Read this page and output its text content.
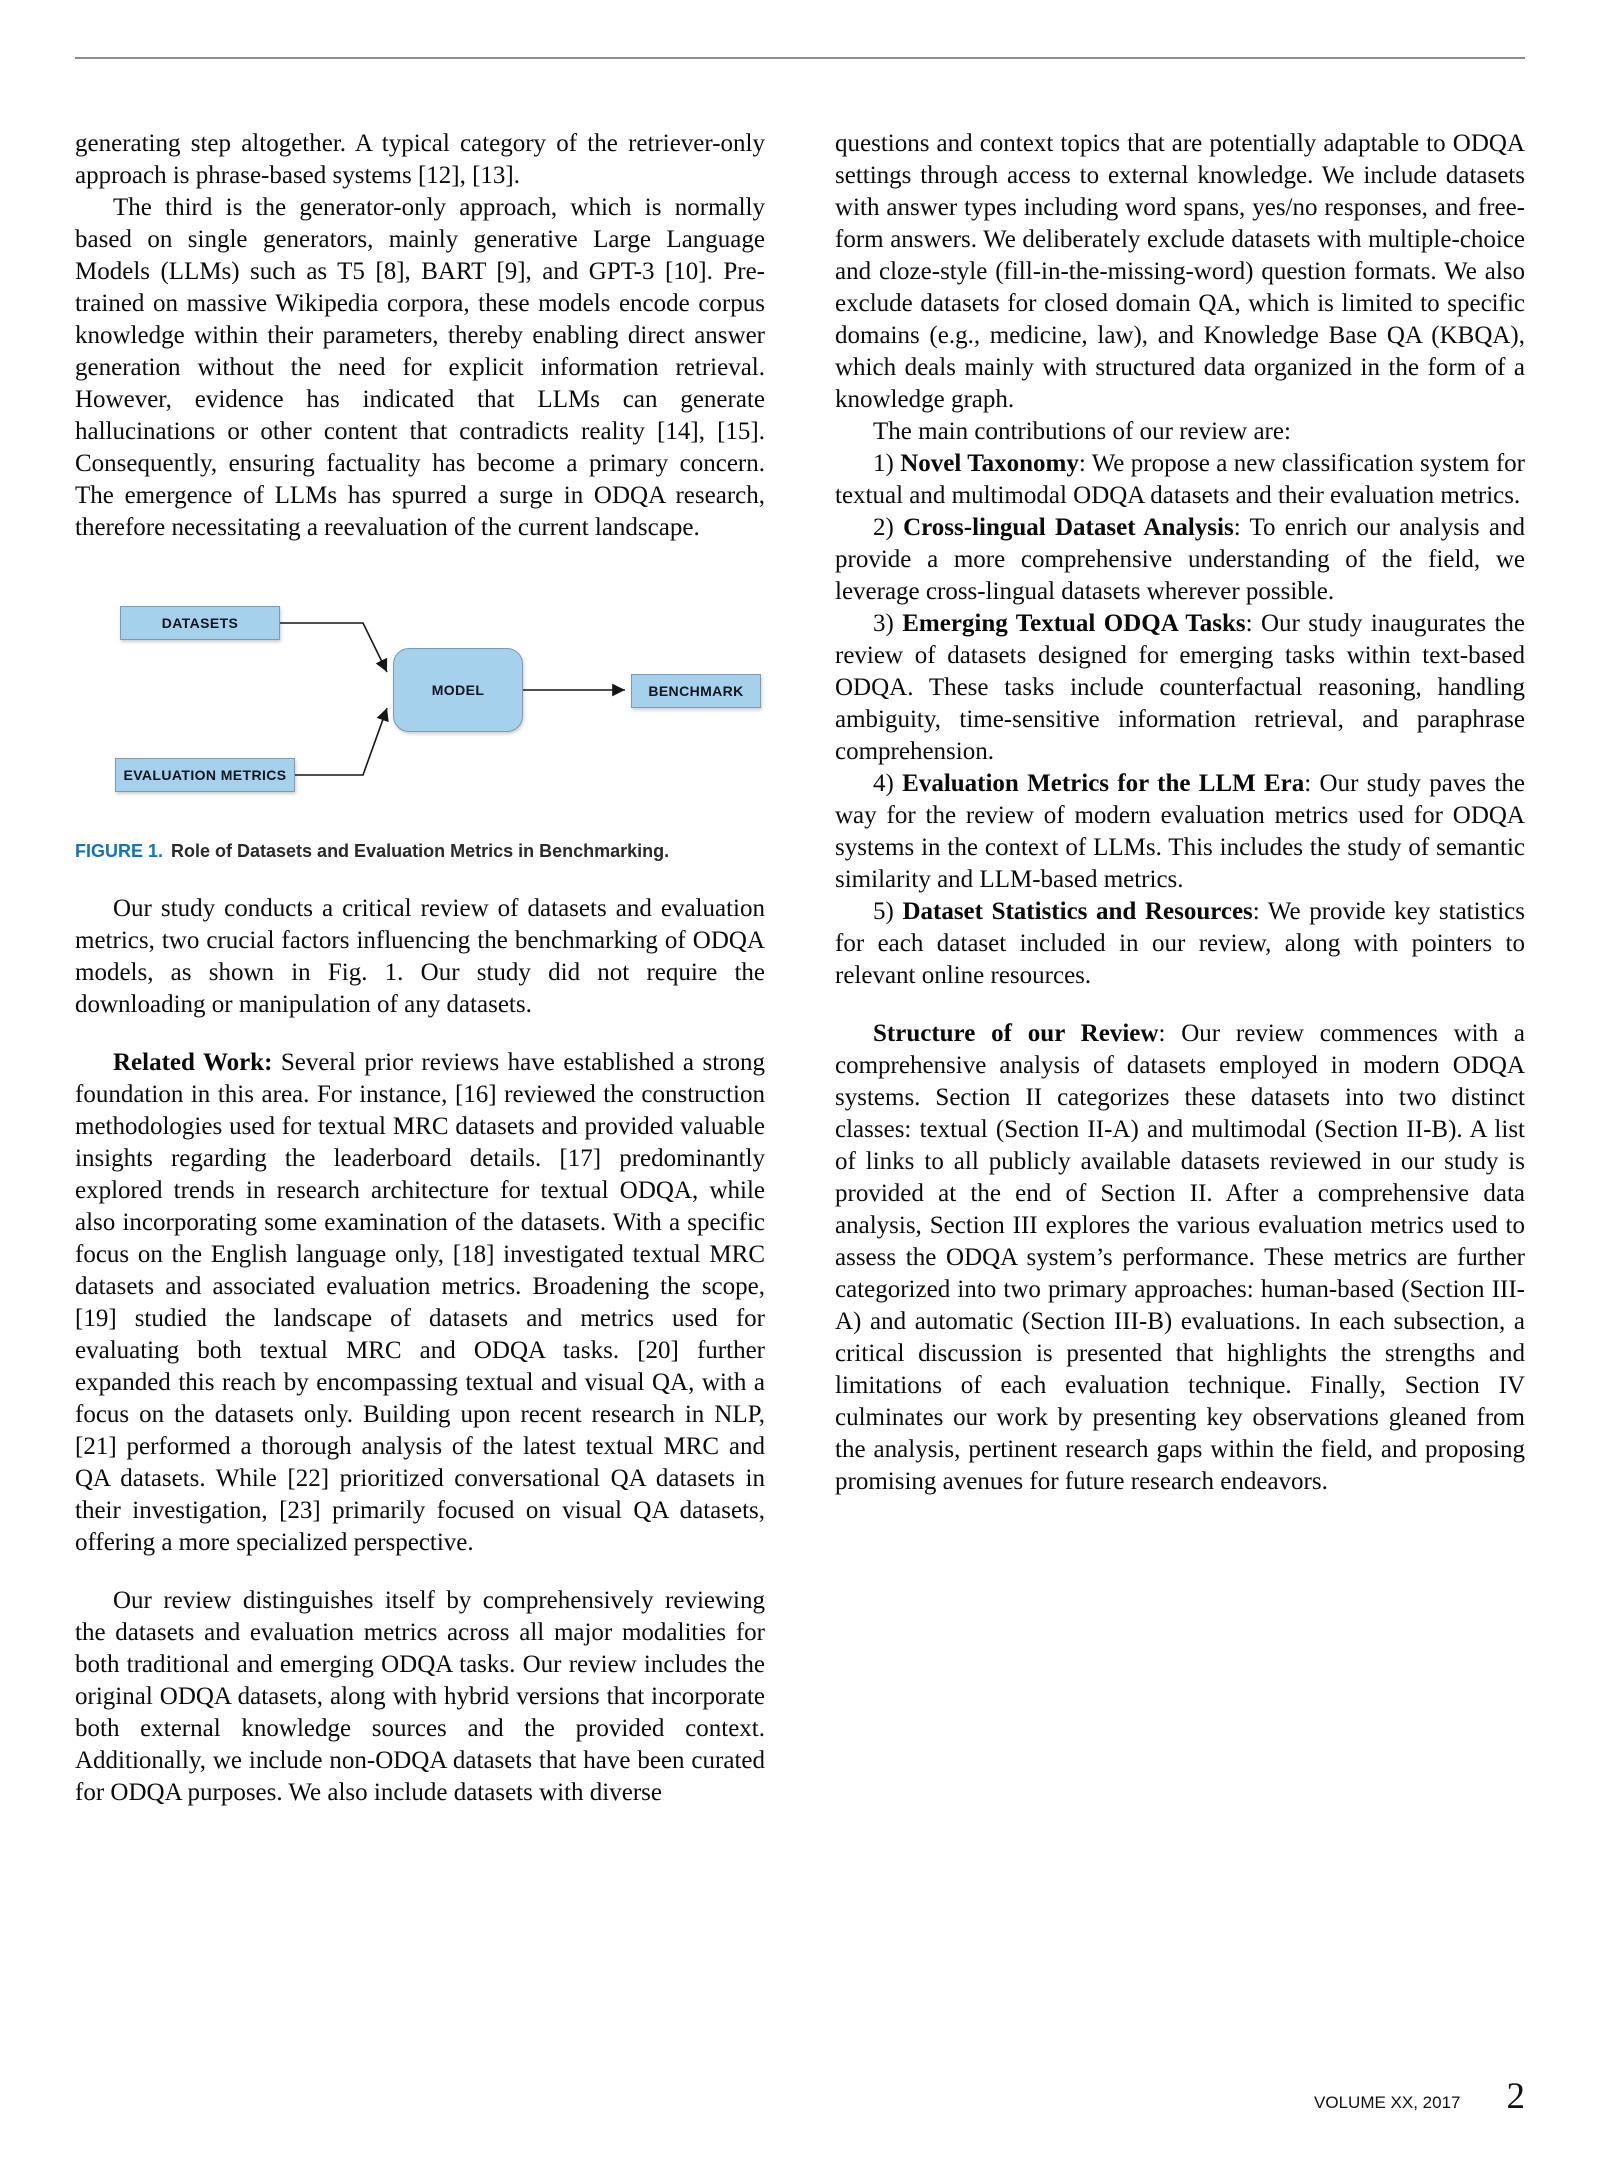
generating step altogether. A typical category of the retriever-only approach is phrase-based systems [12], [13].

The third is the generator-only approach, which is normally based on single generators, mainly generative Large Language Models (LLMs) such as T5 [8], BART [9], and GPT-3 [10]. Pre-trained on massive Wikipedia corpora, these models encode corpus knowledge within their parameters, thereby enabling direct answer generation without the need for explicit information retrieval. However, evidence has indicated that LLMs can generate hallucinations or other content that contradicts reality [14], [15]. Consequently, ensuring factuality has become a primary concern. The emergence of LLMs has spurred a surge in ODQA research, therefore necessitating a reevaluation of the current landscape.

DATASETS
MODEL	BENCHMARK
EVALUATION METRICS
FIGURE 1. Role of Datasets and Evaluation Metrics in Benchmarking.

Our study conducts a critical review of datasets and evaluation metrics, two crucial factors influencing the benchmarking of ODQA models, as shown in Fig. 1. Our study did not require the downloading or manipulation of any datasets.

Related Work: Several prior reviews have established a strong foundation in this area. For instance, [16] reviewed the construction methodologies used for textual MRC datasets and provided valuable insights regarding the leaderboard details. [17] predominantly explored trends in research architecture for textual ODQA, while also incorporating some examination of the datasets. With a specific focus on the English language only, [18] investigated textual MRC datasets and associated evaluation metrics. Broadening the scope, [19] studied the landscape of datasets and metrics used for evaluating both textual MRC and ODQA tasks. [20] further expanded this reach by encompassing textual and visual QA, with a focus on the datasets only. Building upon recent research in NLP, [21] performed a thorough analysis of the latest textual MRC and QA datasets. While [22] prioritized conversational QA datasets in their investigation, [23] primarily focused on visual QA datasets, offering a more specialized perspective.

Our review distinguishes itself by comprehensively reviewing the datasets and evaluation metrics across all major modalities for both traditional and emerging ODQA tasks. Our review includes the original ODQA datasets, along with hybrid versions that incorporate both external knowledge sources and the provided context. Additionally, we include non-ODQA datasets that have been curated for ODQA purposes. We also include datasets with diverse

questions and context topics that are potentially adaptable to ODQA settings through access to external knowledge. We include datasets with answer types including word spans, yes/no responses, and free-form answers. We deliberately exclude datasets with multiple-choice and cloze-style (fill-in-the-missing-word) question formats. We also exclude datasets for closed domain QA, which is limited to specific domains (e.g., medicine, law), and Knowledge Base QA (KBQA), which deals mainly with structured data organized in the form of a knowledge graph.

The main contributions of our review are:

1) Novel Taxonomy: We propose a new classification system for textual and multimodal ODQA datasets and their evaluation metrics.

2) Cross-lingual Dataset Analysis: To enrich our analysis and provide a more comprehensive understanding of the field, we leverage cross-lingual datasets wherever possible.

3) Emerging Textual ODQA Tasks: Our study inaugurates the review of datasets designed for emerging tasks within text-based ODQA. These tasks include counterfactual reasoning, handling ambiguity, time-sensitive information retrieval, and paraphrase comprehension.

4) Evaluation Metrics for the LLM Era: Our study paves the way for the review of modern evaluation metrics used for ODQA systems in the context of LLMs. This includes the study of semantic similarity and LLM-based metrics.

5) Dataset Statistics and Resources: We provide key statistics for each dataset included in our review, along with pointers to relevant online resources.

Structure of our Review: Our review commences with a comprehensive analysis of datasets employed in modern ODQA systems. Section II categorizes these datasets into two distinct classes: textual (Section II-A) and multimodal (Section II-B). A list of links to all publicly available datasets reviewed in our study is provided at the end of Section II. After a comprehensive data analysis, Section III explores the various evaluation metrics used to assess the ODQA system’s performance. These metrics are further categorized into two primary approaches: human-based (Section III-A) and automatic (Section III-B) evaluations. In each subsection, a critical discussion is presented that highlights the strengths and limitations of each evaluation technique. Finally, Section IV culminates our work by presenting key observations gleaned from the analysis, pertinent research gaps within the field, and proposing promising avenues for future research endeavors.

VOLUME XX, 2017 2
